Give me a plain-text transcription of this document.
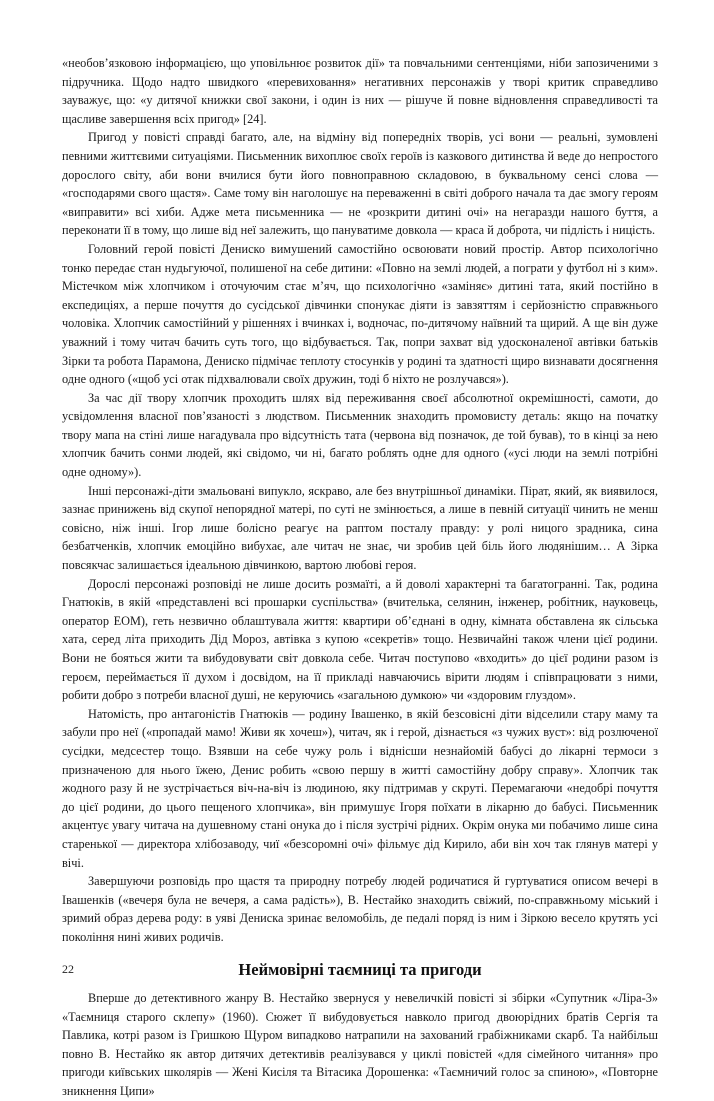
«необов’язковою інформацією, що уповільнює розвиток дії» та повчальними сентенціями, ніби запозиченими з підручника. Щодо надто швидкого «перевиховання» негативних персонажів у творі критик справедливо зауважує, що: «у дитячої книжки свої закони, і один із них — рішуче й повне відновлення справедливості та щасливе завершення всіх пригод» [24].

Пригод у повісті справді багато, але, на відміну від попередніх творів, усі вони — реальні, зумовлені певними життєвими ситуаціями. Письменник вихоплює своїх героїв із казкового дитинства й веде до непростого дорослого світу, аби вони вчилися бути його повноправною складовою, в буквальному сенсі слова — «господарями свого щастя». Саме тому він наголошує на переваженні в світі доброго начала та дає змогу героям «виправити» всі хиби. Адже мета письменника — не «розкрити дитині очі» на негаразди нашого буття, а переконати її в тому, що лише від неї залежить, що пануватиме довкола — краса й доброта, чи підлість і ницість.

Головний герой повісті Дениско вимушений самостійно освоювати новий простір. Автор психологічно тонко передає стан нудьгуючої, полишеної на себе дитини: «Повно на землі людей, а пограти у футбол ні з ким». Містечком між хлопчиком і оточуючим стає м’яч, що психологічно «заміняє» дитині тата, який постійно в експедиціях, а перше почуття до сусідської дівчинки спонукає діяти із завзяттям і серйозністю справжнього чоловіка. Хлопчик самостійний у рішеннях і вчинках і, водночас, по-дитячому наївний та щирий. А ще він дуже уважний і тому читач бачить суть тогo, що відбувається. Так, попри захват від удосконаленої автівки батьків Зірки та робота Парамона, Дениско підмічає теплоту стосунків у родині та здатності щиро визнавати досягнення одне одного («щоб усі отак підхвалювали своїх дружин, тоді б ніхто не розлучався»).

За час дії твору хлопчик проходить шлях від переживання своєї абсолютної окремішності, самоти, до усвідомлення власної пов’язаності з людством. Письменник знаходить промовисту деталь: якщо на початку твору мапа на стіні лише нагадувала про відсутність тата (червона від позначок, де той бував), то в кінці за нею хлопчик бачить сонми людей, які свідомо, чи ні, багато роблять одне для одного («усі люди на землі потрібні одне одному»).

Інші персонажі-діти змальовані випукло, яскраво, але без внутрішньої динаміки. Пірат, який, як виявилося, зазнає принижень від скупої непорядної матері, по суті не змінюється, а лише в певній ситуації чинить не менш совісно, ніж інші. Ігор лише болісно реагує на раптом посталу правду: у ролі ницого зрадника, сина безбатченків, хлопчик емоційно вибухає, але читач не знає, чи зробив цей біль його людянішим… А Зірка повсякчас залишається ідеальною дівчинкою, вартою любові героя.

Дорослі персонажі розповіді не лише досить розмаїті, а й доволі характерні та багатогранні. Так, родина Гнатюків, в якій «представлені всі прошарки суспільства» (вчителька, селянин, інженер, робітник, науковець, оператор ЕОМ), геть незвично облаштувала життя: квартири об’єднані в одну, кімната обставлена як сільська хата, серед літа приходить Дід Мороз, автівка з купою «секретів» тощо. Незвичайні також члени цієї родини. Вони не бояться жити та вибудовувати світ довкола себе. Читач поступово «входить» до цієї родини разом із героєм, переймається її духом і досвідом, на її прикладі навчаючись вірити людям і співпрацювати з ними, робити добро з потреби власної душі, не керуючись «загальною думкою» чи «здоровим глуздом».

Натомість, про антагоністів Гнатюків — родину Івашенко, в якій безсовісні діти відселили стару маму та забули про неї («пропадай мамо! Живи як хочеш»), читач, як і герой, дізнається «з чужих вуст»: від розлюченої сусідки, медсестер тощо. Взявши на себе чужу роль і віднісши незнайомій бабусі до лікарні термоси з призначеною для нього їжею, Денис робить «свою першу в житті самостійну добру справу». Хлопчик так жодного разу й не зустрічається віч-на-віч із людиною, яку підтримав у скруті. Перемагаючи «недобрі почуття до цієї родини, до цього пещеного хлопчика», він примушує Ігоря поїхати в лікарню до бабусі. Письменник акцентує увагу читача на душевному стані онука до і після зустрічі рідних. Окрім онука ми побачимо лише сина старенької — директора хлібозаводу, чиї «безсоромні очі» фільмує дід Кирило, аби він хоч так глянув матері у вічі.

Завершуючи розповідь про щастя та природну потребу людей родичатися й гуртуватися описом вечері в Івашенків («вечеря була не вечеря, а сама радість»), В. Нестайко знаходить свіжий, по-справжньому міський і зримий образ дерева роду: в уяві Дениска зринає веломобіль, де педалі поряд із ним і Зіркою весело крутять усі покоління нині живих родичів.

Неймовірні таємниці та пригоди

Вперше до детективного жанру В. Нестайко звернуся у невеличкій повісті зі збірки «Супутник «Ліра-3» «Таємниця старого склепу» (1960). Сюжет її вибудовується навколо пригод двоюрідних братів Сергія та Павлика, котрі разом із Гришкою Щуром випадково натрапили на захований грабіжниками скарб. Та найбільш повно В. Нестайко як автор дитячих детективів реалізувався у циклі повістей «для сімейного читання» про пригоди київських школярів — Жені Кисіля та Вітасика Дорошенка: «Таємничий голос за спиною», «Повторне зникнення Ципи»

22
